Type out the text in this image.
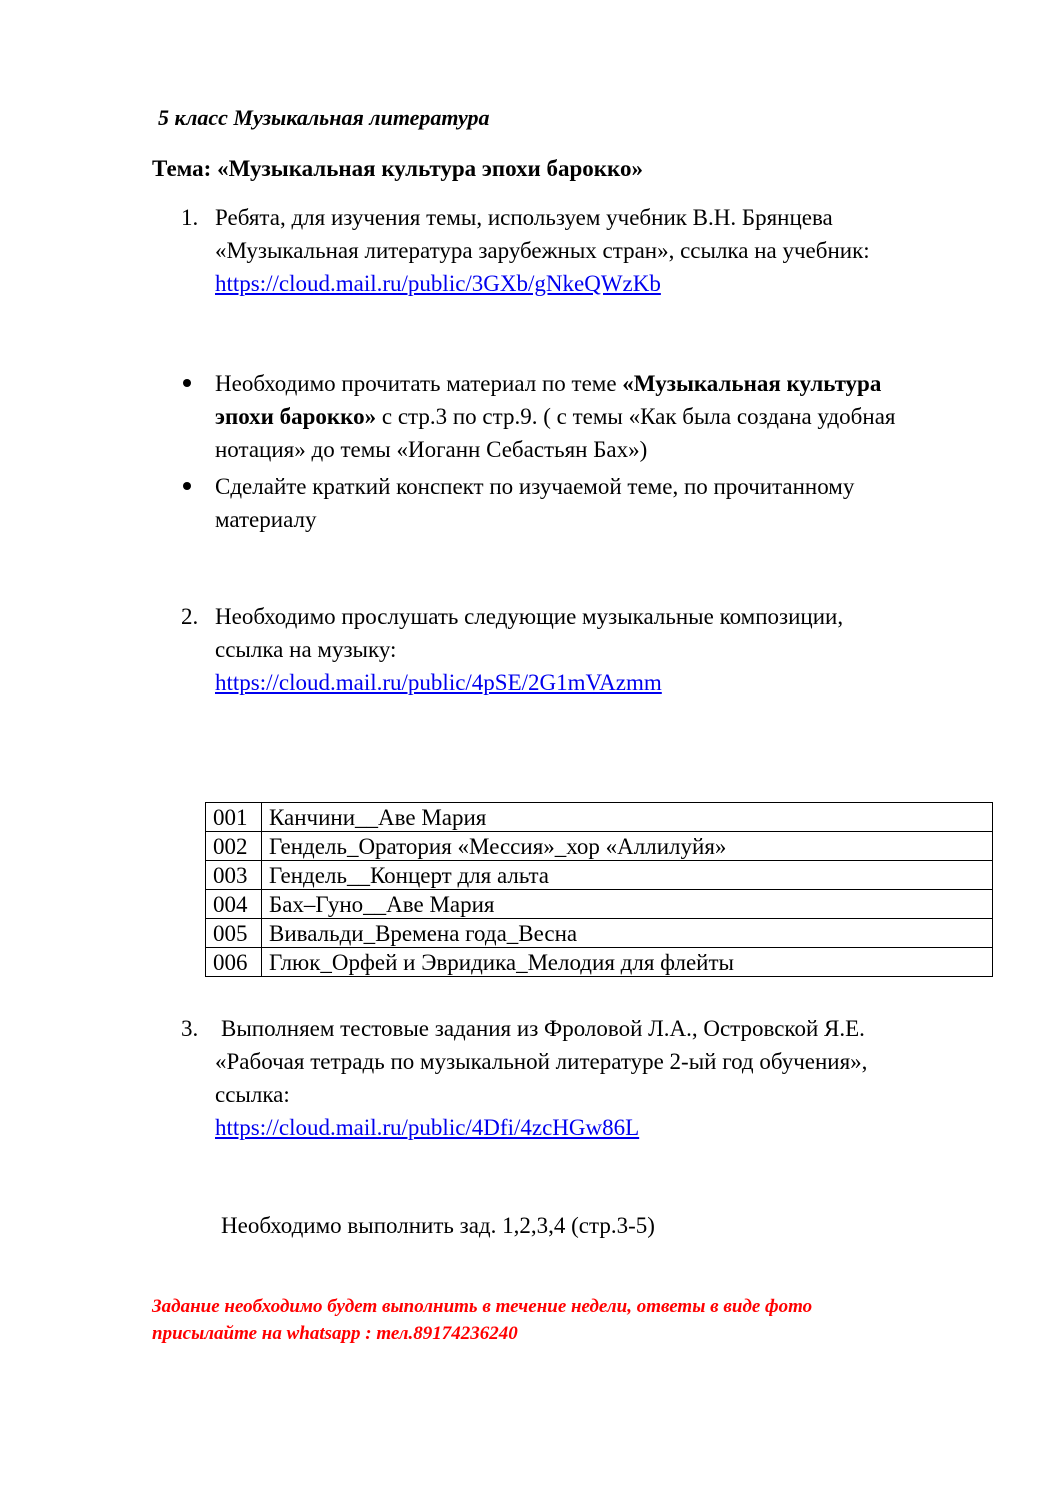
5 класс Музыкальная литература
Тема: «Музыкальная культура эпохи барокко»
1. Ребята, для изучения темы, используем учебник В.Н. Брянцева
«Музыкальная литература зарубежных стран», ссылка на учебник:
https://cloud.mail.ru/public/3GXb/gNkeQWzKb
Необходимо прочитать материал по теме «Музыкальная культура
эпохи барокко» с стр.3 по стр.9. ( с темы «Как была создана удобная
нотация» до темы «Иоганн Себастьян Бах»)
Сделайте краткий конспект по изучаемой теме, по прочитанному
материалу
2. Необходимо прослушать следующие музыкальные композиции,
ссылка на музыку:
https://cloud.mail.ru/public/4pSE/2G1mVAzmm
001	Канчини__Аве Мария
002	Гендель_Оратория «Мессия»_хор «Аллилуйя»
003	Гендель__Концерт для альта
004	Бах–Гуно__Аве Мария
005	Вивальди_Времена года_Весна
006	Глюк_Орфей и Эвридика_Мелодия для флейты
3. Выполняем тестовые задания из Фроловой Л.А., Островской Я.Е.
«Рабочая тетрадь по музыкальной литературе 2-ый год обучения»,
ссылка:
https://cloud.mail.ru/public/4Dfi/4zcHGw86L
Необходимо выполнить зад. 1,2,3,4 (стр.3-5)
Задание необходимо будет выполнить в течение недели, ответы в виде фото
присылайте на whatsapp : тел.89174236240
